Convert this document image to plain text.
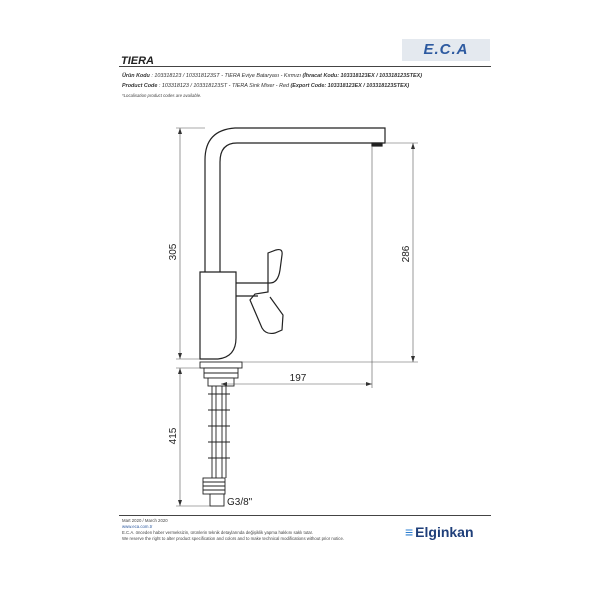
E.C.A
TIERA
Ürün Kodu : 103318123 / 103318123ST - TIERA Eviye Bataryası - Kırmızı (İhracat Kodu: 103318123EX / 103318123STEX)
Product Code : 103318123 / 103318123ST - TIERA Sink Mixer - Red (Export Code: 103318123EX / 103318123STEX)
*Localisation product codes are available.
305	286
197
415
G3/8"
Mart 2020 / March 2020
www.eca.com.tr
E.C.A. önceden haber vermeksizin, ürünlerin teknik detaylarında değişiklik yapma hakkını saklı tutar.
We reserve the right to alter product specification and colors and to make technical modifications without prior notice.	≡ Elginkan
